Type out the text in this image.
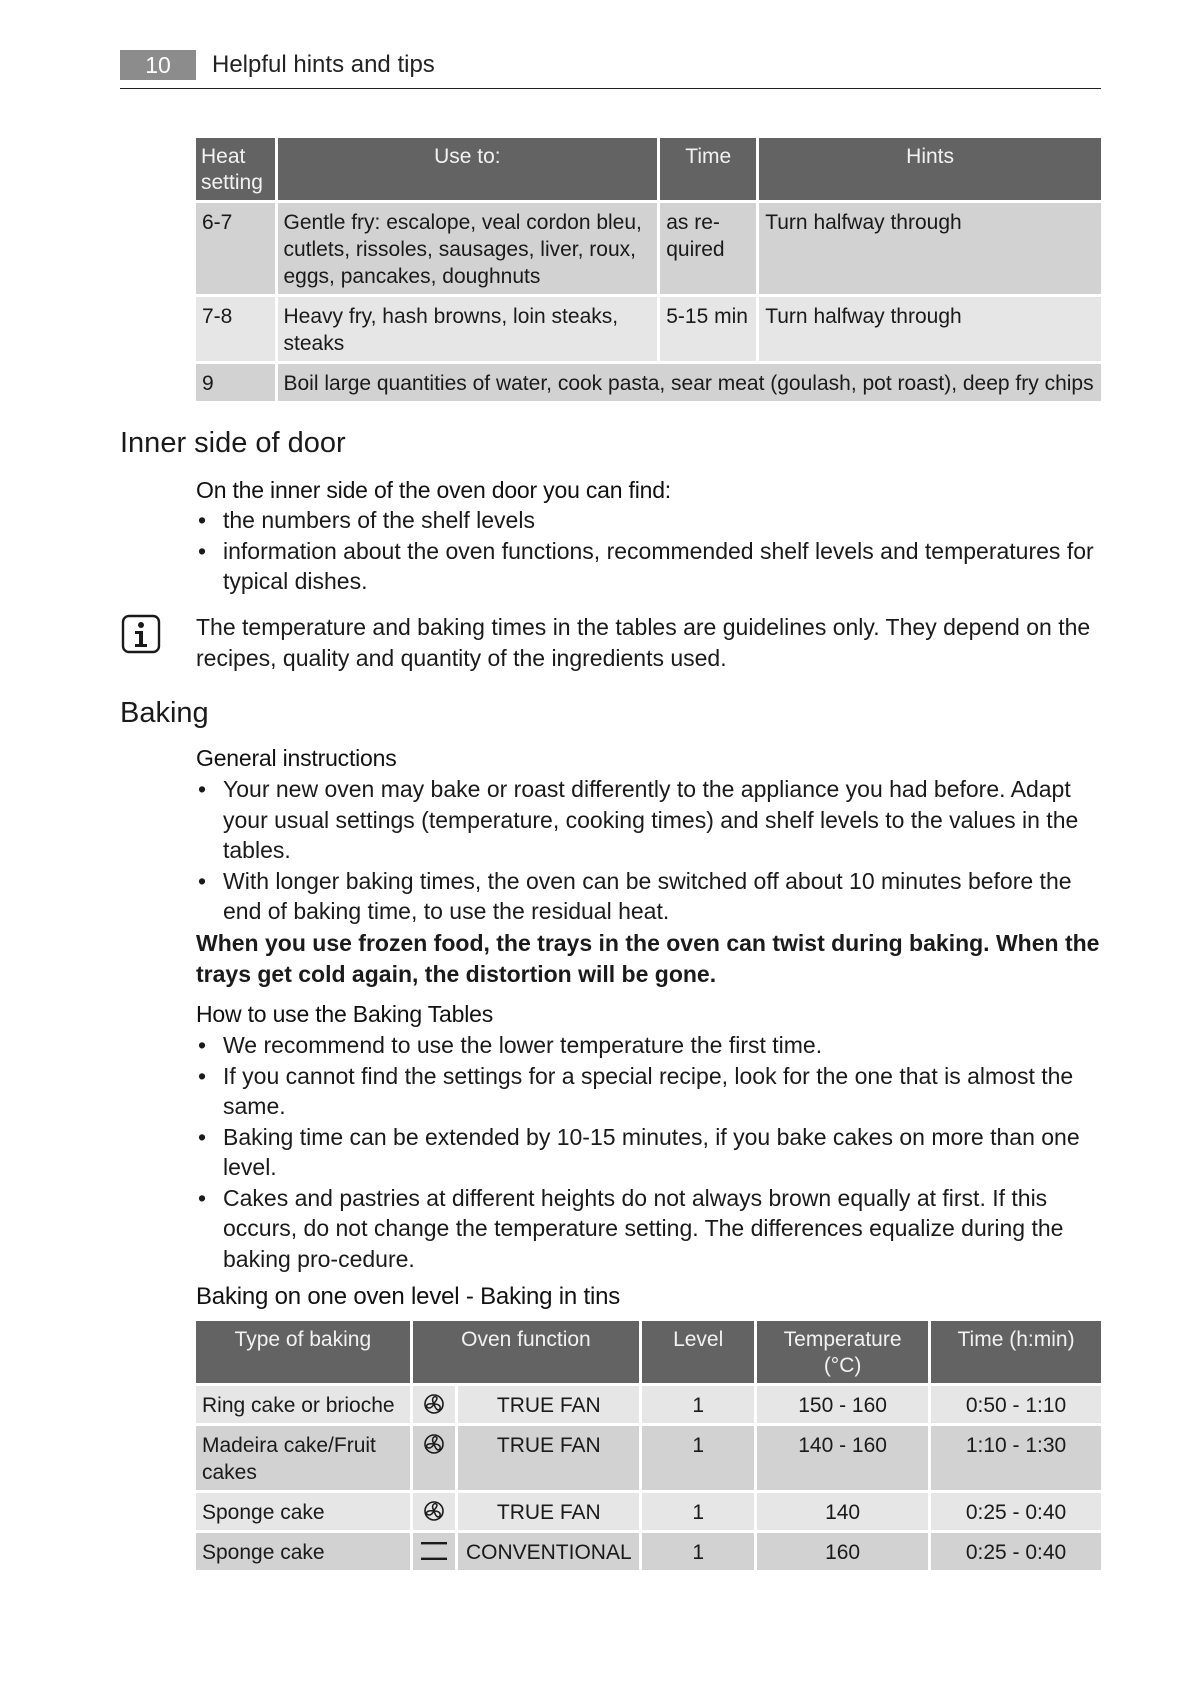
10	Helpful hints and tips
Heat setting	Use to:	Time	Hints
6-7	Gentle fry: escalope, veal cordon bleu, cutlets, rissoles, sausages, liver, roux, eggs, pancakes, doughnuts	as re-quired	Turn halfway through
7-8	Heavy fry, hash browns, loin steaks, steaks	5-15 min	Turn halfway through
9	Boil large quantities of water, cook pasta, sear meat (goulash, pot roast), deep fry chips		
Inner side of door
On the inner side of the oven door you can find:
• the numbers of the shelf levels
• information about the oven functions, recommended shelf levels and temperatures for typical dishes.

The temperature and baking times in the tables are guidelines only. They depend on the recipes, quality and quantity of the ingredients used.

Baking
General instructions
• Your new oven may bake or roast differently to the appliance you had before. Adapt your usual settings (temperature, cooking times) and shelf levels to the values in the tables.
• With longer baking times, the oven can be switched off about 10 minutes before the end of baking time, to use the residual heat.

When you use frozen food, the trays in the oven can twist during baking. When the trays get cold again, the distortion will be gone.

How to use the Baking Tables
• We recommend to use the lower temperature the first time.
• If you cannot find the settings for a special recipe, look for the one that is almost the same.
• Baking time can be extended by 10-15 minutes, if you bake cakes on more than one level.
• Cakes and pastries at different heights do not always brown equally at first. If this occurs, do not change the temperature setting. The differences equalize during the baking pro-cedure.
Baking on one oven level - Baking in tins
Type of baking	Oven function		Level	Temperature (°C)	Time (h:min)
Ring cake or brioche		TRUE FAN	1	150 - 160	0:50 - 1:10
Madeira cake/Fruit cakes		TRUE FAN	1	140 - 160	1:10 - 1:30
Sponge cake		TRUE FAN	1	140	0:25 - 0:40
Sponge cake		CONVENTIONAL	1	160	0:25 - 0:40
